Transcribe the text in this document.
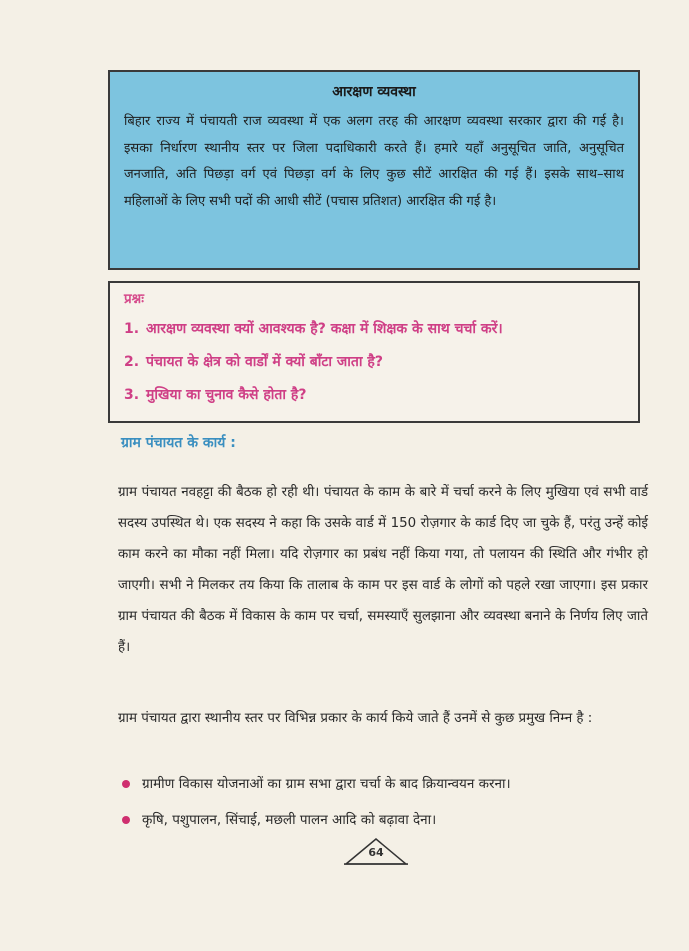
आरक्षण व्यवस्था

बिहार राज्य में पंचायती राज व्यवस्था में एक अलग तरह की आरक्षण व्यवस्था सरकार द्वारा की गई है। इसका निर्धारण स्थानीय स्तर पर जिला पदाधिकारी करते हैं। हमारे यहाँ अनुसूचित जाति, अनुसूचित जनजाति, अति पिछड़ा वर्ग एवं पिछड़ा वर्ग के लिए कुछ सीटें आरक्षित की गई हैं। इसके साथ–साथ महिलाओं के लिए सभी पदों की आधी सीटें (पचास प्रतिशत) आरक्षित की गई है।

प्रश्नः

1. आरक्षण व्यवस्था क्यों आवश्यक है? कक्षा में शिक्षक के साथ चर्चा करें।
2. पंचायत के क्षेत्र को वार्डों में क्यों बाँटा जाता है?
3. मुखिया का चुनाव कैसे होता है?
ग्राम पंचायत के कार्य :

ग्राम पंचायत नवहट्टा की बैठक हो रही थी। पंचायत के काम के बारे में चर्चा करने के लिए मुखिया एवं सभी वार्ड सदस्य उपस्थित थे। एक सदस्य ने कहा कि उसके वार्ड में 150 रोज़गार के कार्ड दिए जा चुके हैं, परंतु उन्हें कोई काम करने का मौका नहीं मिला। यदि रोज़गार का प्रबंध नहीं किया गया, तो पलायन की स्थिति और गंभीर हो जाएगी। सभी ने मिलकर तय किया कि तालाब के काम पर इस वार्ड के लोगों को पहले रखा जाएगा। इस प्रकार ग्राम पंचायत की बैठक में विकास के काम पर चर्चा, समस्याएँ सुलझाना और व्यवस्था बनाने के निर्णय लिए जाते हैं।

ग्राम पंचायत द्वारा स्थानीय स्तर पर विभिन्न प्रकार के कार्य किये जाते हैं उनमें से कुछ प्रमुख निम्न है :

ग्रामीण विकास योजनाओं का ग्राम सभा द्वारा चर्चा के बाद क्रियान्वयन करना।
कृषि, पशुपालन, सिंचाई, मछली पालन आदि को बढ़ावा देना।
64
